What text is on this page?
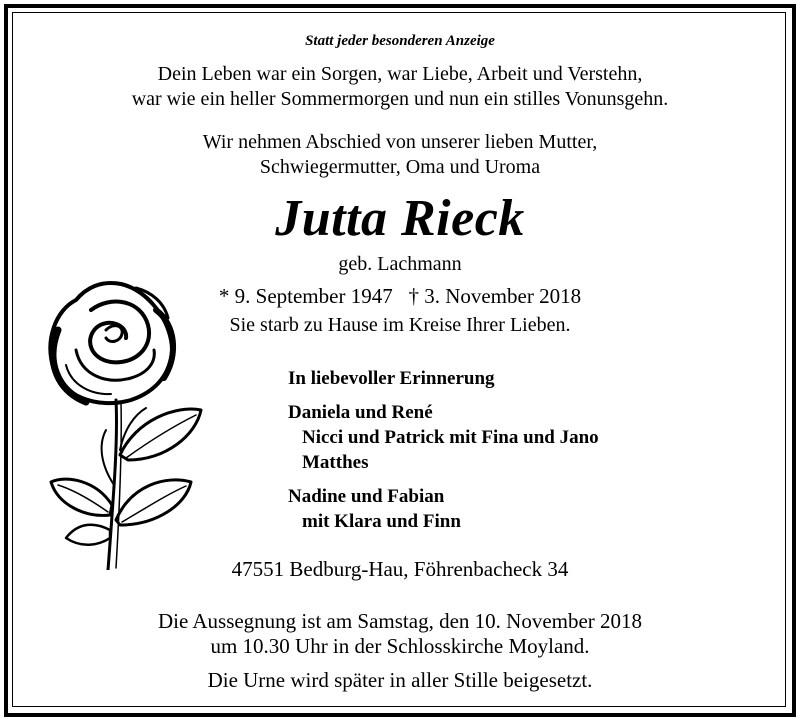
Statt jeder besonderen Anzeige
Dein Leben war ein Sorgen, war Liebe, Arbeit und Verstehn,
war wie ein heller Sommermorgen und nun ein stilles Vonunsgehn.
Wir nehmen Abschied von unserer lieben Mutter,
Schwiegermutter, Oma und Uroma
Jutta Rieck
geb. Lachmann
* 9. September 1947   † 3. November 2018
Sie starb zu Hause im Kreise Ihrer Lieben.
In liebevoller Erinnerung
Daniela und René
Nicci und Patrick mit Fina und Jano
Matthes
Nadine und Fabian
mit Klara und Finn
47551 Bedburg-Hau, Föhrenbacheck 34
Die Aussegnung ist am Samstag, den 10. November 2018
um 10.30 Uhr in der Schlosskirche Moyland.
Die Urne wird später in aller Stille beigesetzt.
